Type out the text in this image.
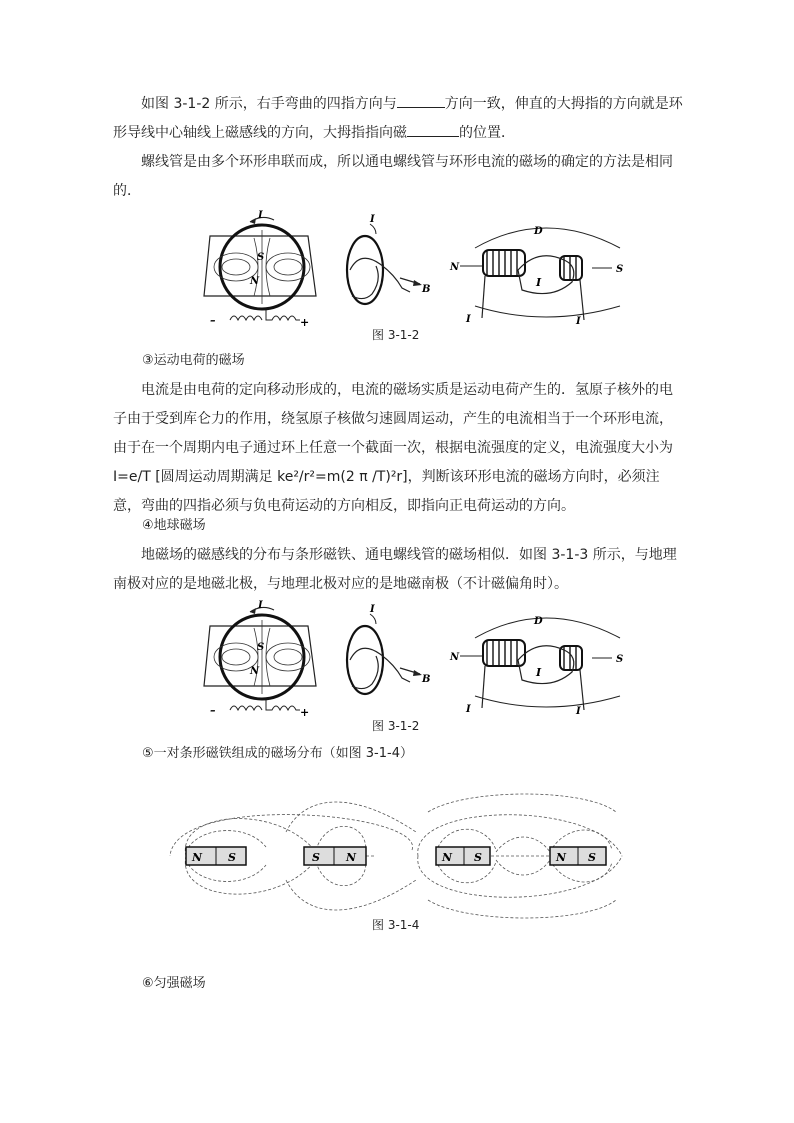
如图 3-1-2 所示，右手弯曲的四指方向与	方向一致，伸直的大拇指的方向就是环形导线中心轴线上磁感线的方向，大拇指指向磁	的位置．

螺线管是由多个环形串联而成，所以通电螺线管与环形电流的磁场的确定的方法是相同的．

I
S
N
–	+
I
B
N	S
D
I
I	I
图 3-1-2

③运动电荷的磁场

电流是由电荷的定向移动形成的，电流的磁场实质是运动电荷产生的．氢原子核外的电子由于受到库仑力的作用，绕氢原子核做匀速圆周运动，产生的电流相当于一个环形电流，由于在一个周期内电子通过环上任意一个截面一次，根据电流强度的定义，电流强度大小为 I=e/T [圆周运动周期满足 ke²/r²=m(2 π /T)²r]，判断该环形电流的磁场方向时，必须注意，弯曲的四指必须与负电荷运动的方向相反，即指向正电荷运动的方向。

④地球磁场

地磁场的磁感线的分布与条形磁铁、通电螺线管的磁场相似．如图 3-1-3 所示，与地理南极对应的是地磁北极，与地理北极对应的是地磁南极（不计磁偏角时）。

I
S
N
–	+
I
B
N	S
D
I
I	I
图 3-1-2

⑤一对条形磁铁组成的磁场分布（如图 3-1-4）

N S	S N	N S	N S
图 3-1-4

⑥匀强磁场
